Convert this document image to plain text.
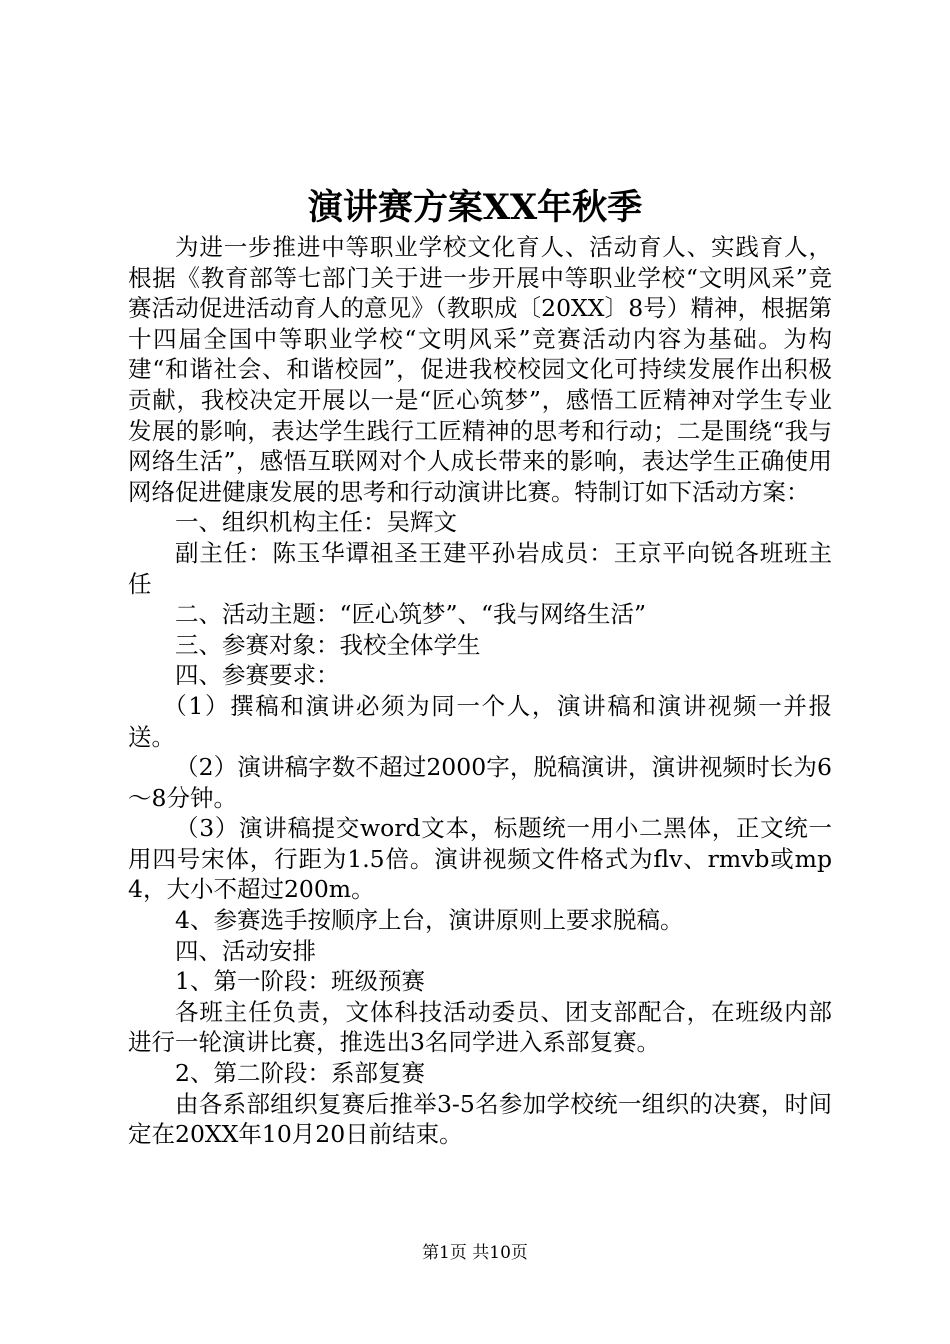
演讲赛方案XX年秋季

为进一步推进中等职业学校文化育人、活动育人、实践育人，根据《教育部等七部门关于进一步开展中等职业学校“文明风采”竞赛活动促进活动育人的意见》（教职成〔20XX〕8号）精神，根据第十四届全国中等职业学校“文明风采”竞赛活动内容为基础。为构建“和谐社会、和谐校园”，促进我校校园文化可持续发展作出积极贡献，我校决定开展以一是“匠心筑梦”，感悟工匠精神对学生专业发展的影响，表达学生践行工匠精神的思考和行动；二是围绕“我与网络生活”，感悟互联网对个人成长带来的影响，表达学生正确使用网络促进健康发展的思考和行动演讲比赛。特制订如下活动方案：

一、组织机构主任：吴辉文

副主任：陈玉华谭祖圣王建平孙岩成员：王京平向锐各班班主任

二、活动主题：“匠心筑梦”、“我与网络生活”

三、参赛对象：我校全体学生

四、参赛要求：

（1）撰稿和演讲必须为同一个人，演讲稿和演讲视频一并报送。

（2）演讲稿字数不超过2000字，脱稿演讲，演讲视频时长为6～8分钟。

（3）演讲稿提交word文本，标题统一用小二黑体，正文统一用四号宋体，行距为1.5倍。演讲视频文件格式为flv、rmvb或mp4，大小不超过200m。

4、参赛选手按顺序上台，演讲原则上要求脱稿。

四、活动安排

1、第一阶段：班级预赛

各班主任负责，文体科技活动委员、团支部配合，在班级内部进行一轮演讲比赛，推选出3名同学进入系部复赛。

2、第二阶段：系部复赛

由各系部组织复赛后推举3-5名参加学校统一组织的决赛，时间定在20XX年10月20日前结束。

第1页 共10页
